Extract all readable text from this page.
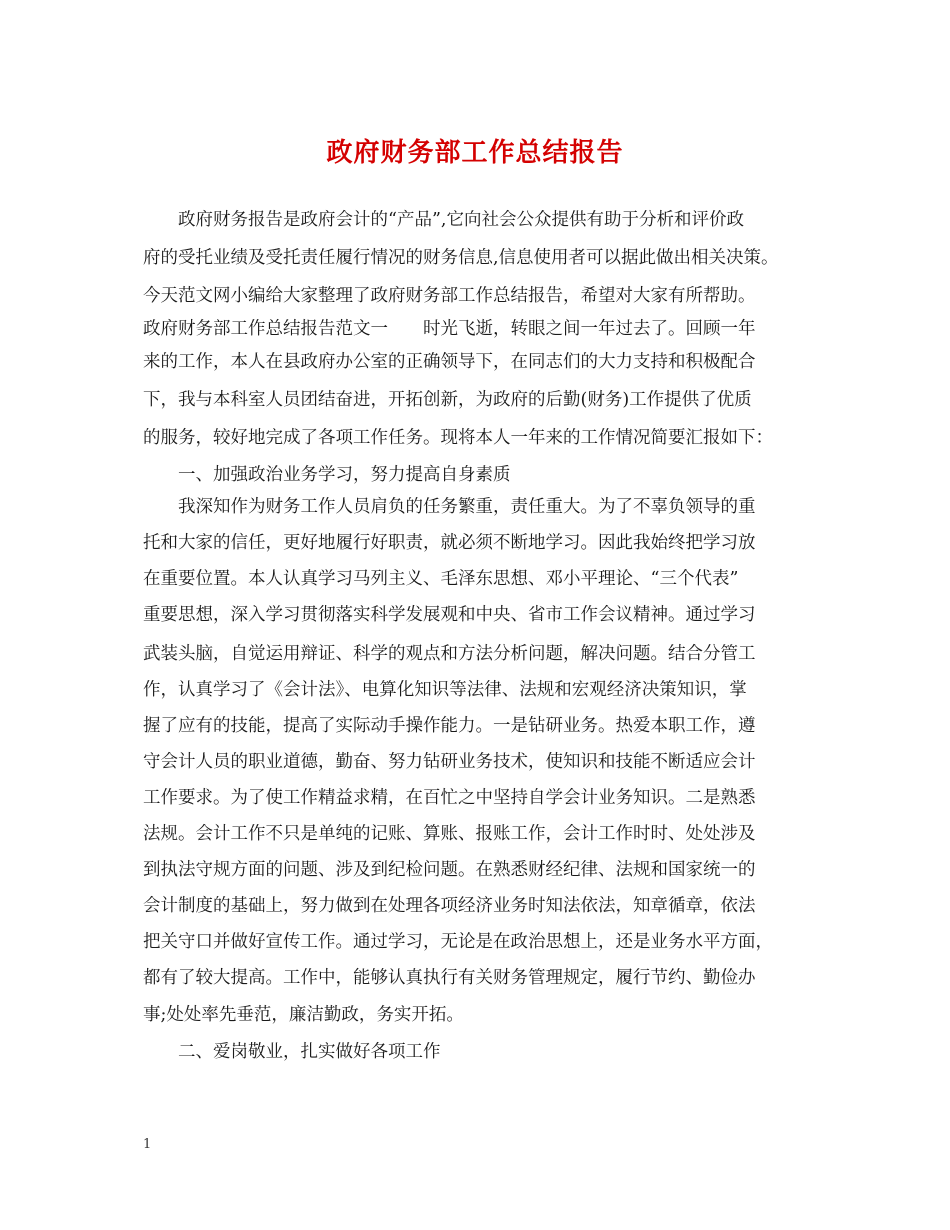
政府财务部工作总结报告
政府财务报告是政府会计的“产品”,它向社会公众提供有助于分析和评价政
府的受托业绩及受托责任履行情况的财务信息,信息使用者可以据此做出相关决策。
今天范文网小编给大家整理了政府财务部工作总结报告，希望对大家有所帮助。
政府财务部工作总结报告范文一　　时光飞逝，转眼之间一年过去了。回顾一年
来的工作，本人在县政府办公室的正确领导下，在同志们的大力支持和积极配合
下，我与本科室人员团结奋进，开拓创新，为政府的后勤(财务)工作提供了优质
的服务，较好地完成了各项工作任务。现将本人一年来的工作情况简要汇报如下：
一、加强政治业务学习，努力提高自身素质
我深知作为财务工作人员肩负的任务繁重，责任重大。为了不辜负领导的重
托和大家的信任，更好地履行好职责，就必须不断地学习。因此我始终把学习放
在重要位置。本人认真学习马列主义、毛泽东思想、邓小平理论、“三个代表”
重要思想，深入学习贯彻落实科学发展观和中央、省市工作会议精神。通过学习
武装头脑，自觉运用辩证、科学的观点和方法分析问题，解决问题。结合分管工
作，认真学习了《会计法》、电算化知识等法律、法规和宏观经济决策知识，掌
握了应有的技能，提高了实际动手操作能力。一是钻研业务。热爱本职工作，遵
守会计人员的职业道德，勤奋、努力钻研业务技术，使知识和技能不断适应会计
工作要求。为了使工作精益求精，在百忙之中坚持自学会计业务知识。二是熟悉
法规。会计工作不只是单纯的记账、算账、报账工作，会计工作时时、处处涉及
到执法守规方面的问题、涉及到纪检问题。在熟悉财经纪律、法规和国家统一的
会计制度的基础上，努力做到在处理各项经济业务时知法依法，知章循章，依法
把关守口并做好宣传工作。通过学习，无论是在政治思想上，还是业务水平方面，
都有了较大提高。工作中，能够认真执行有关财务管理规定，履行节约、勤俭办
事;处处率先垂范，廉洁勤政，务实开拓。
二、爱岗敬业，扎实做好各项工作
1
